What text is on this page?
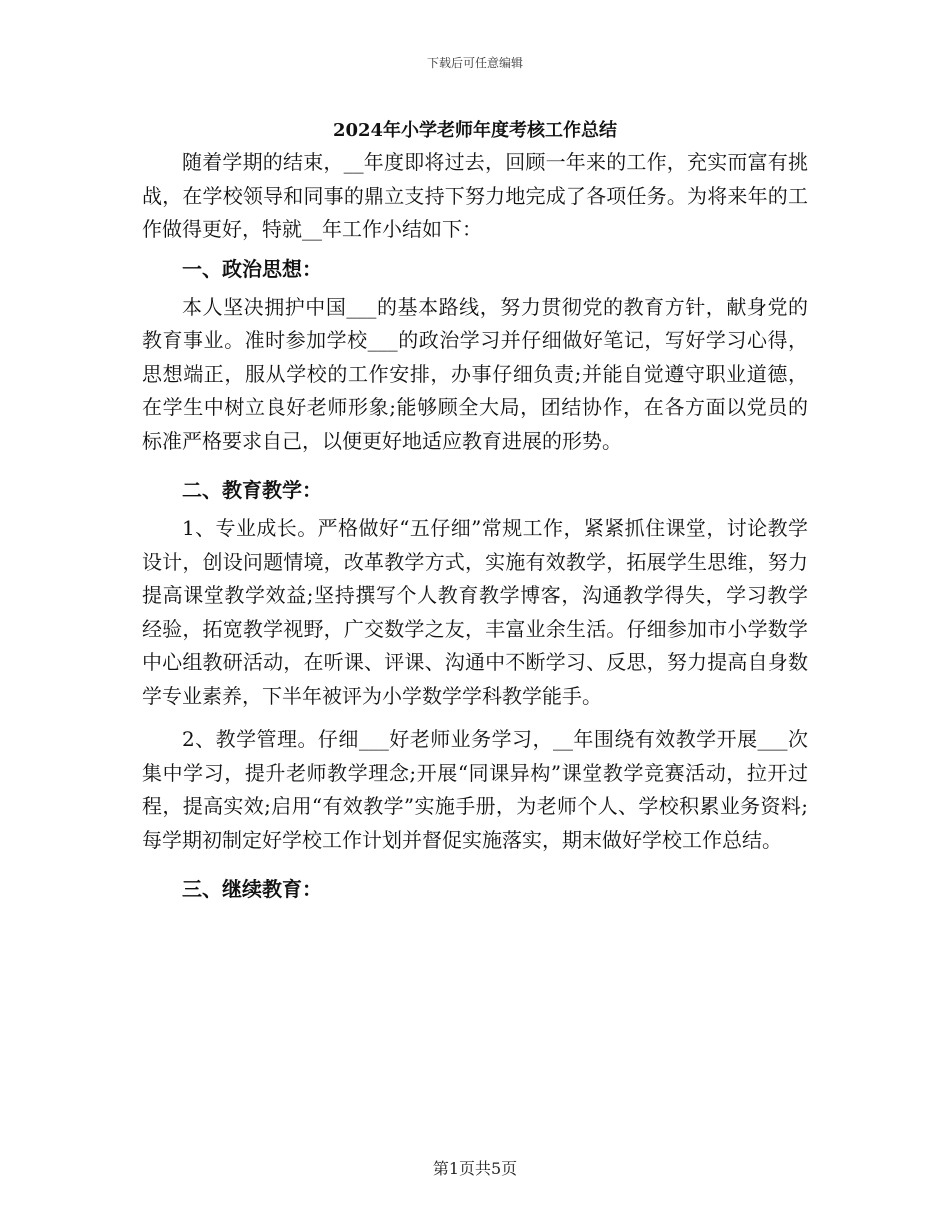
下载后可任意编辑
2024年小学老师年度考核工作总结

随着学期的结束，__年度即将过去，回顾一年来的工作，充实而富有挑战，在学校领导和同事的鼎立支持下努力地完成了各项任务。为将来年的工作做得更好，特就__年工作小结如下：

一、政治思想：

本人坚决拥护中国___的基本路线，努力贯彻党的教育方针，献身党的教育事业。准时参加学校___的政治学习并仔细做好笔记，写好学习心得，思想端正，服从学校的工作安排，办事仔细负责;并能自觉遵守职业道德，在学生中树立良好老师形象;能够顾全大局，团结协作，在各方面以党员的标准严格要求自己，以便更好地适应教育进展的形势。

二、教育教学：

1、专业成长。严格做好“五仔细”常规工作，紧紧抓住课堂，讨论教学设计，创设问题情境，改革教学方式，实施有效教学，拓展学生思维，努力提高课堂教学效益;坚持撰写个人教育教学博客，沟通教学得失，学习教学经验，拓宽教学视野，广交数学之友，丰富业余生活。仔细参加市小学数学中心组教研活动，在听课、评课、沟通中不断学习、反思，努力提高自身数学专业素养，下半年被评为小学数学学科教学能手。

2、教学管理。仔细___好老师业务学习，__年围绕有效教学开展___次集中学习，提升老师教学理念;开展“同课异构”课堂教学竞赛活动，拉开过程，提高实效;启用“有效教学”实施手册，为老师个人、学校积累业务资料;每学期初制定好学校工作计划并督促实施落实，期末做好学校工作总结。

三、继续教育：

第1页共5页
